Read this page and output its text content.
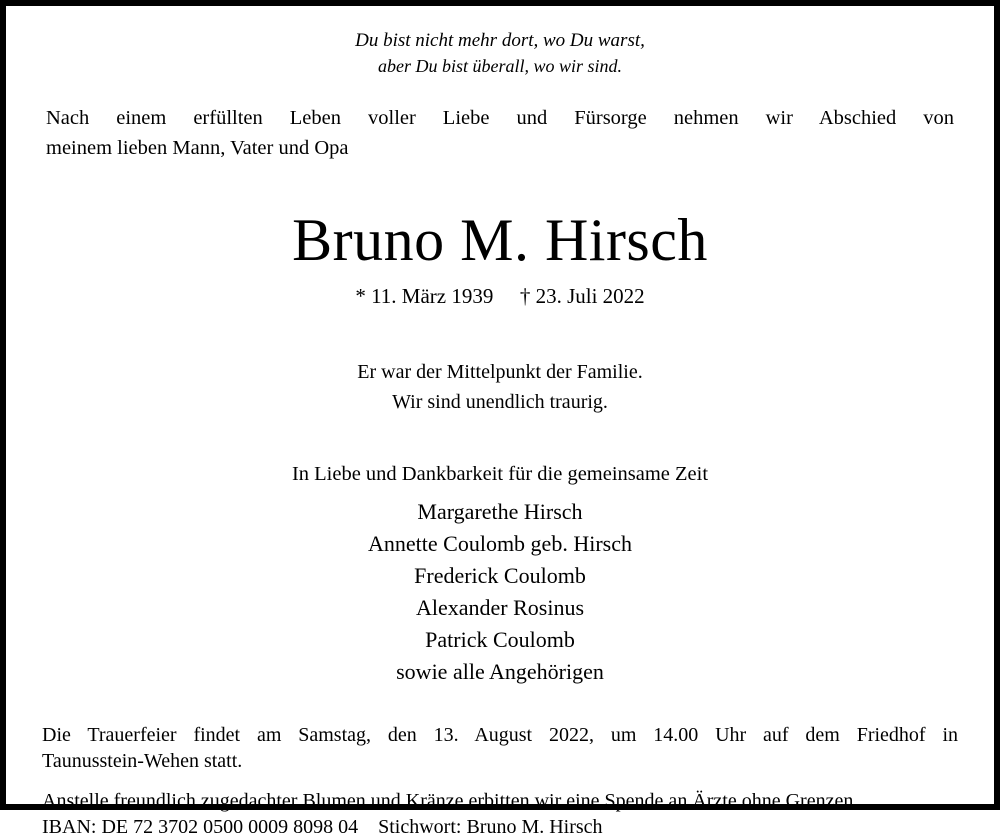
Du bist nicht mehr dort, wo Du warst,
aber Du bist überall, wo wir sind.
Nach einem erfüllten Leben voller Liebe und Fürsorge nehmen wir Abschied von
meinem lieben Mann, Vater und Opa
Bruno M. Hirsch
* 11. März 1939 † 23. Juli 2022
Er war der Mittelpunkt der Familie.
Wir sind unendlich traurig.
In Liebe und Dankbarkeit für die gemeinsame Zeit
Margarethe Hirsch
Annette Coulomb geb. Hirsch
Frederick Coulomb
Alexander Rosinus
Patrick Coulomb
sowie alle Angehörigen
Die Trauerfeier findet am Samstag, den 13. August 2022, um 14.00 Uhr auf dem Friedhof in
Taunusstein-Wehen statt.
Anstelle freundlich zugedachter Blumen und Kränze erbitten wir eine Spende an Ärzte ohne Grenzen.
IBAN: DE 72 3702 0500 0009 8098 04 Stichwort: Bruno M. Hirsch
